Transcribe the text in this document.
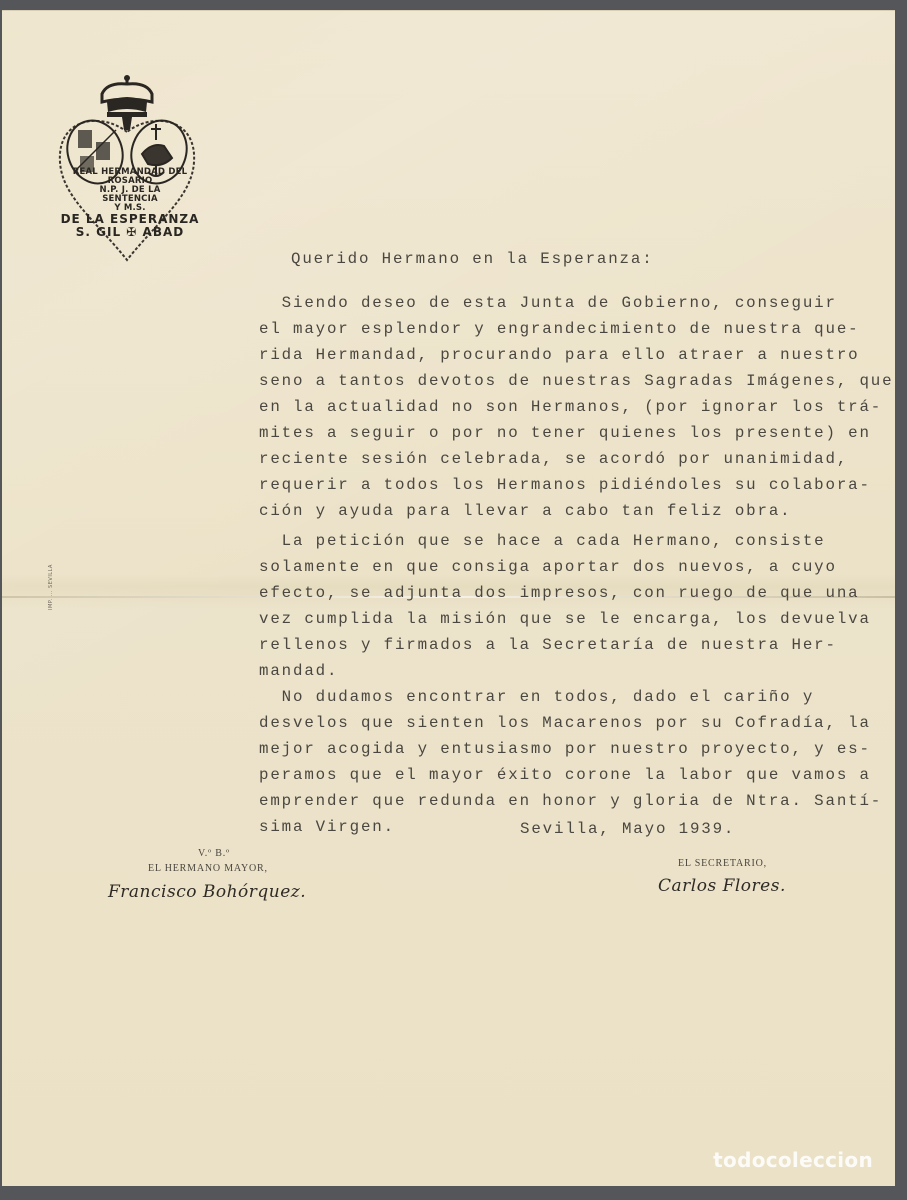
REAL HERMANDAD DEL ROSARIO
N.P. J. DE LA
SENTENCIA
Y M.S.
DE LA ESPERANZA
S. GIL ✠ ABAD
IMP. ... SEVILLA
Querido Hermano en la Esperanza:
Siendo deseo de esta Junta de Gobierno, conseguir
el mayor esplendor y engrandecimiento de nuestra que-
rida Hermandad, procurando para ello atraer a nuestro
seno a tantos devotos de nuestras Sagradas Imágenes, que
en la actualidad no son Hermanos, (por ignorar los trá-
mites a seguir o por no tener quienes los presente) en
reciente sesión celebrada, se acordó por unanimidad,
requerir a todos los Hermanos pidiéndoles su colabora-
ción y ayuda para llevar a cabo tan feliz obra.
La petición que se hace a cada Hermano, consiste
solamente en que consiga aportar dos nuevos, a cuyo
efecto, se adjunta dos impresos, con ruego de que una
vez cumplida la misión que se le encarga, los devuelva
rellenos y firmados a la Secretaría de nuestra Her-
mandad.
No dudamos encontrar en todos, dado el cariño y
desvelos que sienten los Macarenos por su Cofradía, la
mejor acogida y entusiasmo por nuestro proyecto, y es-
peramos que el mayor éxito corone la labor que vamos a
emprender que redunda en honor y gloria de Ntra. Santí-
sima Virgen.	Sevilla, Mayo 1939.
V.º B.º
EL HERMANO MAYOR,
Francisco Bohórquez.
EL SECRETARIO,
Carlos Flores.
todocoleccion
